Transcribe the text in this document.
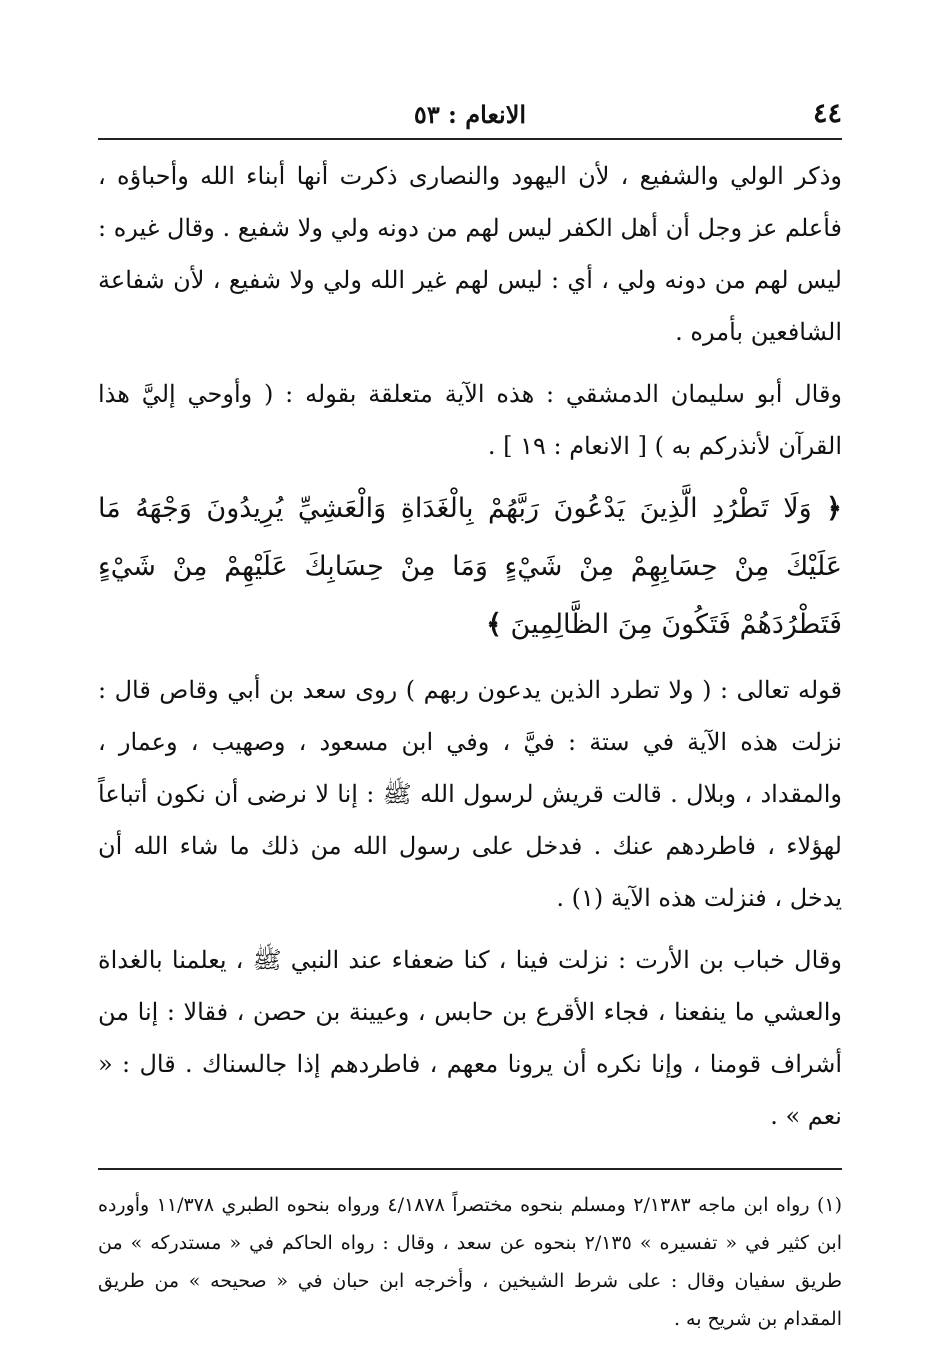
٤٤
الانعام : ٥٣

وذكر الولي والشفيع ، لأن اليهود والنصارى ذكرت أنها أبناء الله وأحباؤه ، فأعلم عز وجل أن أهل الكفر ليس لهم من دونه ولي ولا شفيع . وقال غيره : ليس لهم من دونه ولي ، أي : ليس لهم غير الله ولي ولا شفيع ، لأن شفاعة الشافعين بأمره .

وقال أبو سليمان الدمشقي : هذه الآية متعلقة بقوله : ( وأوحي إليَّ هذا القرآن لأنذركم به ) [ الانعام : ١٩ ] .

﴿ وَلَا تَطْرُدِ الَّذِينَ يَدْعُونَ رَبَّهُمْ بِالْغَدَاةِ وَالْعَشِيِّ يُرِيدُونَ وَجْهَهُ مَا عَلَيْكَ مِنْ حِسَابِهِمْ مِنْ شَيْءٍ وَمَا مِنْ حِسَابِكَ عَلَيْهِمْ مِنْ شَيْءٍ فَتَطْرُدَهُمْ فَتَكُونَ مِنَ الظَّالِمِينَ ﴾

قوله تعالى : ( ولا تطرد الذين يدعون ربهم ) روى سعد بن أبي وقاص قال : نزلت هذه الآية في ستة : فيَّ ، وفي ابن مسعود ، وصهيب ، وعمار ، والمقداد ، وبلال . قالت قريش لرسول الله ﷺ : إنا لا نرضى أن نكون أتباعاً لهؤلاء ، فاطردهم عنك . فدخل على رسول الله من ذلك ما شاء الله أن يدخل ، فنزلت هذه الآية (١) .

وقال خباب بن الأرت : نزلت فينا ، كنا ضعفاء عند النبي ﷺ ، يعلمنا بالغداة والعشي ما ينفعنا ، فجاء الأقرع بن حابس ، وعيينة بن حصن ، فقالا : إنا من أشراف قومنا ، وإنا نكره أن يرونا معهم ، فاطردهم إذا جالسناك . قال : « نعم » .

(١) رواه ابن ماجه ٢/١٣٨٣ ومسلم بنحوه مختصراً ٤/١٨٧٨ ورواه بنحوه الطبري ١١/٣٧٨ وأورده ابن كثير في « تفسيره » ٢/١٣٥ بنحوه عن سعد ، وقال : رواه الحاكم في « مستدركه » من طريق سفيان وقال : على شرط الشيخين ، وأخرجه ابن حبان في « صحيحه » من طريق المقدام بن شريح به .
